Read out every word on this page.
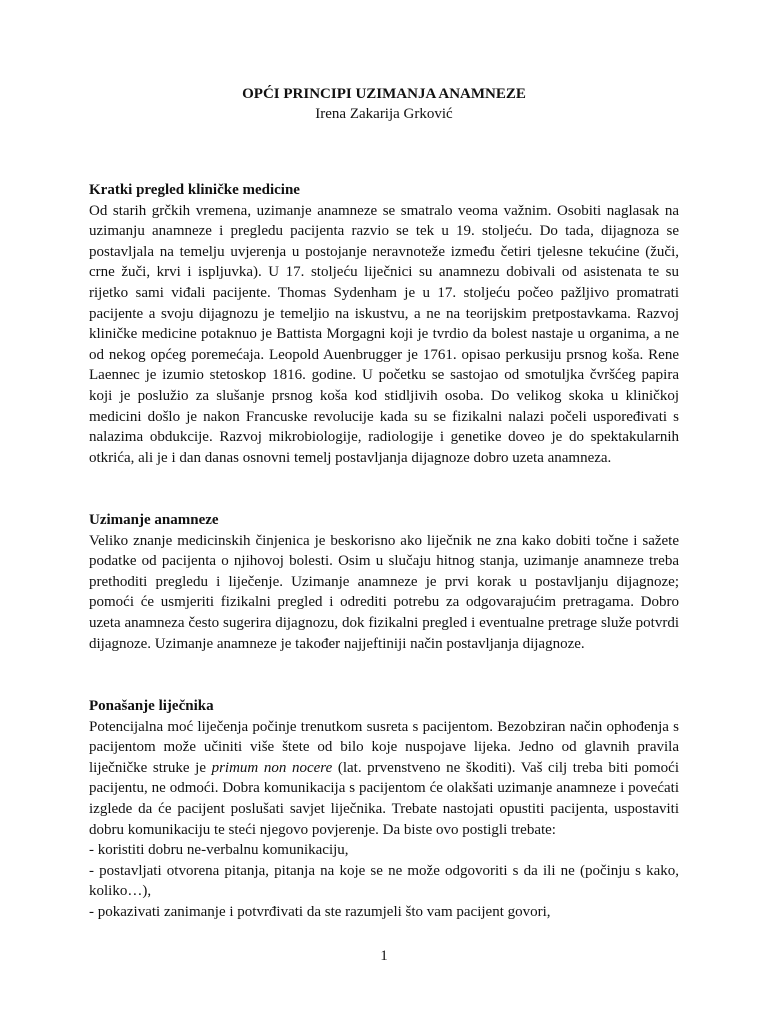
OPĆI PRINCIPI UZIMANJA ANAMNEZE
Irena Zakarija Grković

Kratki pregled kliničke medicine

Od starih grčkih vremena, uzimanje anamneze se smatralo veoma važnim. Osobiti naglasak na uzimanju anamneze i pregledu pacijenta razvio se tek u 19. stoljeću. Do tada, dijagnoza se postavljala na temelju uvjerenja u postojanje neravnoteže između četiri tjelesne tekućine (žuči, crne žuči, krvi i ispljuvka). U 17. stoljeću liječnici su anamnezu dobivali od asistenata te su rijetko sami viđali pacijente. Thomas Sydenham je u 17. stoljeću počeo pažljivo promatrati pacijente a svoju dijagnozu je temeljio na iskustvu, a ne na teorijskim pretpostavkama. Razvoj kliničke medicine potaknuo je Battista Morgagni koji je tvrdio da bolest nastaje u organima, a ne od nekog općeg poremećaja. Leopold Auenbrugger je 1761. opisao perkusiju prsnog koša. Rene Laennec je izumio stetoskop 1816. godine. U početku se sastojao od smotuljka čvršćeg papira koji je poslužio za slušanje prsnog koša kod stidljivih osoba. Do velikog skoka u kliničkoj medicini došlo je nakon Francuske revolucije kada su se fizikalni nalazi počeli uspoređivati s nalazima obdukcije. Razvoj mikrobiologije, radiologije i genetike doveo je do spektakularnih otkrića, ali je i dan danas osnovni temelj postavljanja dijagnoze dobro uzeta anamneza.

Uzimanje anamneze

Veliko znanje medicinskih činjenica je beskorisno ako liječnik ne zna kako dobiti točne i sažete podatke od pacijenta o njihovoj bolesti. Osim u slučaju hitnog stanja, uzimanje anamneze treba prethoditi pregledu i liječenje. Uzimanje anamneze je prvi korak u postavljanju dijagnoze; pomoći će usmjeriti fizikalni pregled i odrediti potrebu za odgovarajućim pretragama. Dobro uzeta anamneza često sugerira dijagnozu, dok fizikalni pregled i eventualne pretrage služe potvrdi dijagnoze. Uzimanje anamneze je također najjeftiniji način postavljanja dijagnoze.

Ponašanje liječnika

Potencijalna moć liječenja počinje trenutkom susreta s pacijentom. Bezobziran način ophođenja s pacijentom može učiniti više štete od bilo koje nuspojave lijeka. Jedno od glavnih pravila liječničke struke je primum non nocere (lat. prvenstveno ne škoditi). Vaš cilj treba biti pomoći pacijentu, ne odmoći. Dobra komunikacija s pacijentom će olakšati uzimanje anamneze i povećati izglede da će pacijent poslušati savjet liječnika. Trebate nastojati opustiti pacijenta, uspostaviti dobru komunikaciju te steći njegovo povjerenje. Da biste ovo postigli trebate:

- koristiti dobru ne-verbalnu komunikaciju,
- postavljati otvorena pitanja, pitanja na koje se ne može odgovoriti s da ili ne (počinju s kako, koliko…),
- pokazivati zanimanje i potvrđivati da ste razumjeli što vam pacijent govori,
1
